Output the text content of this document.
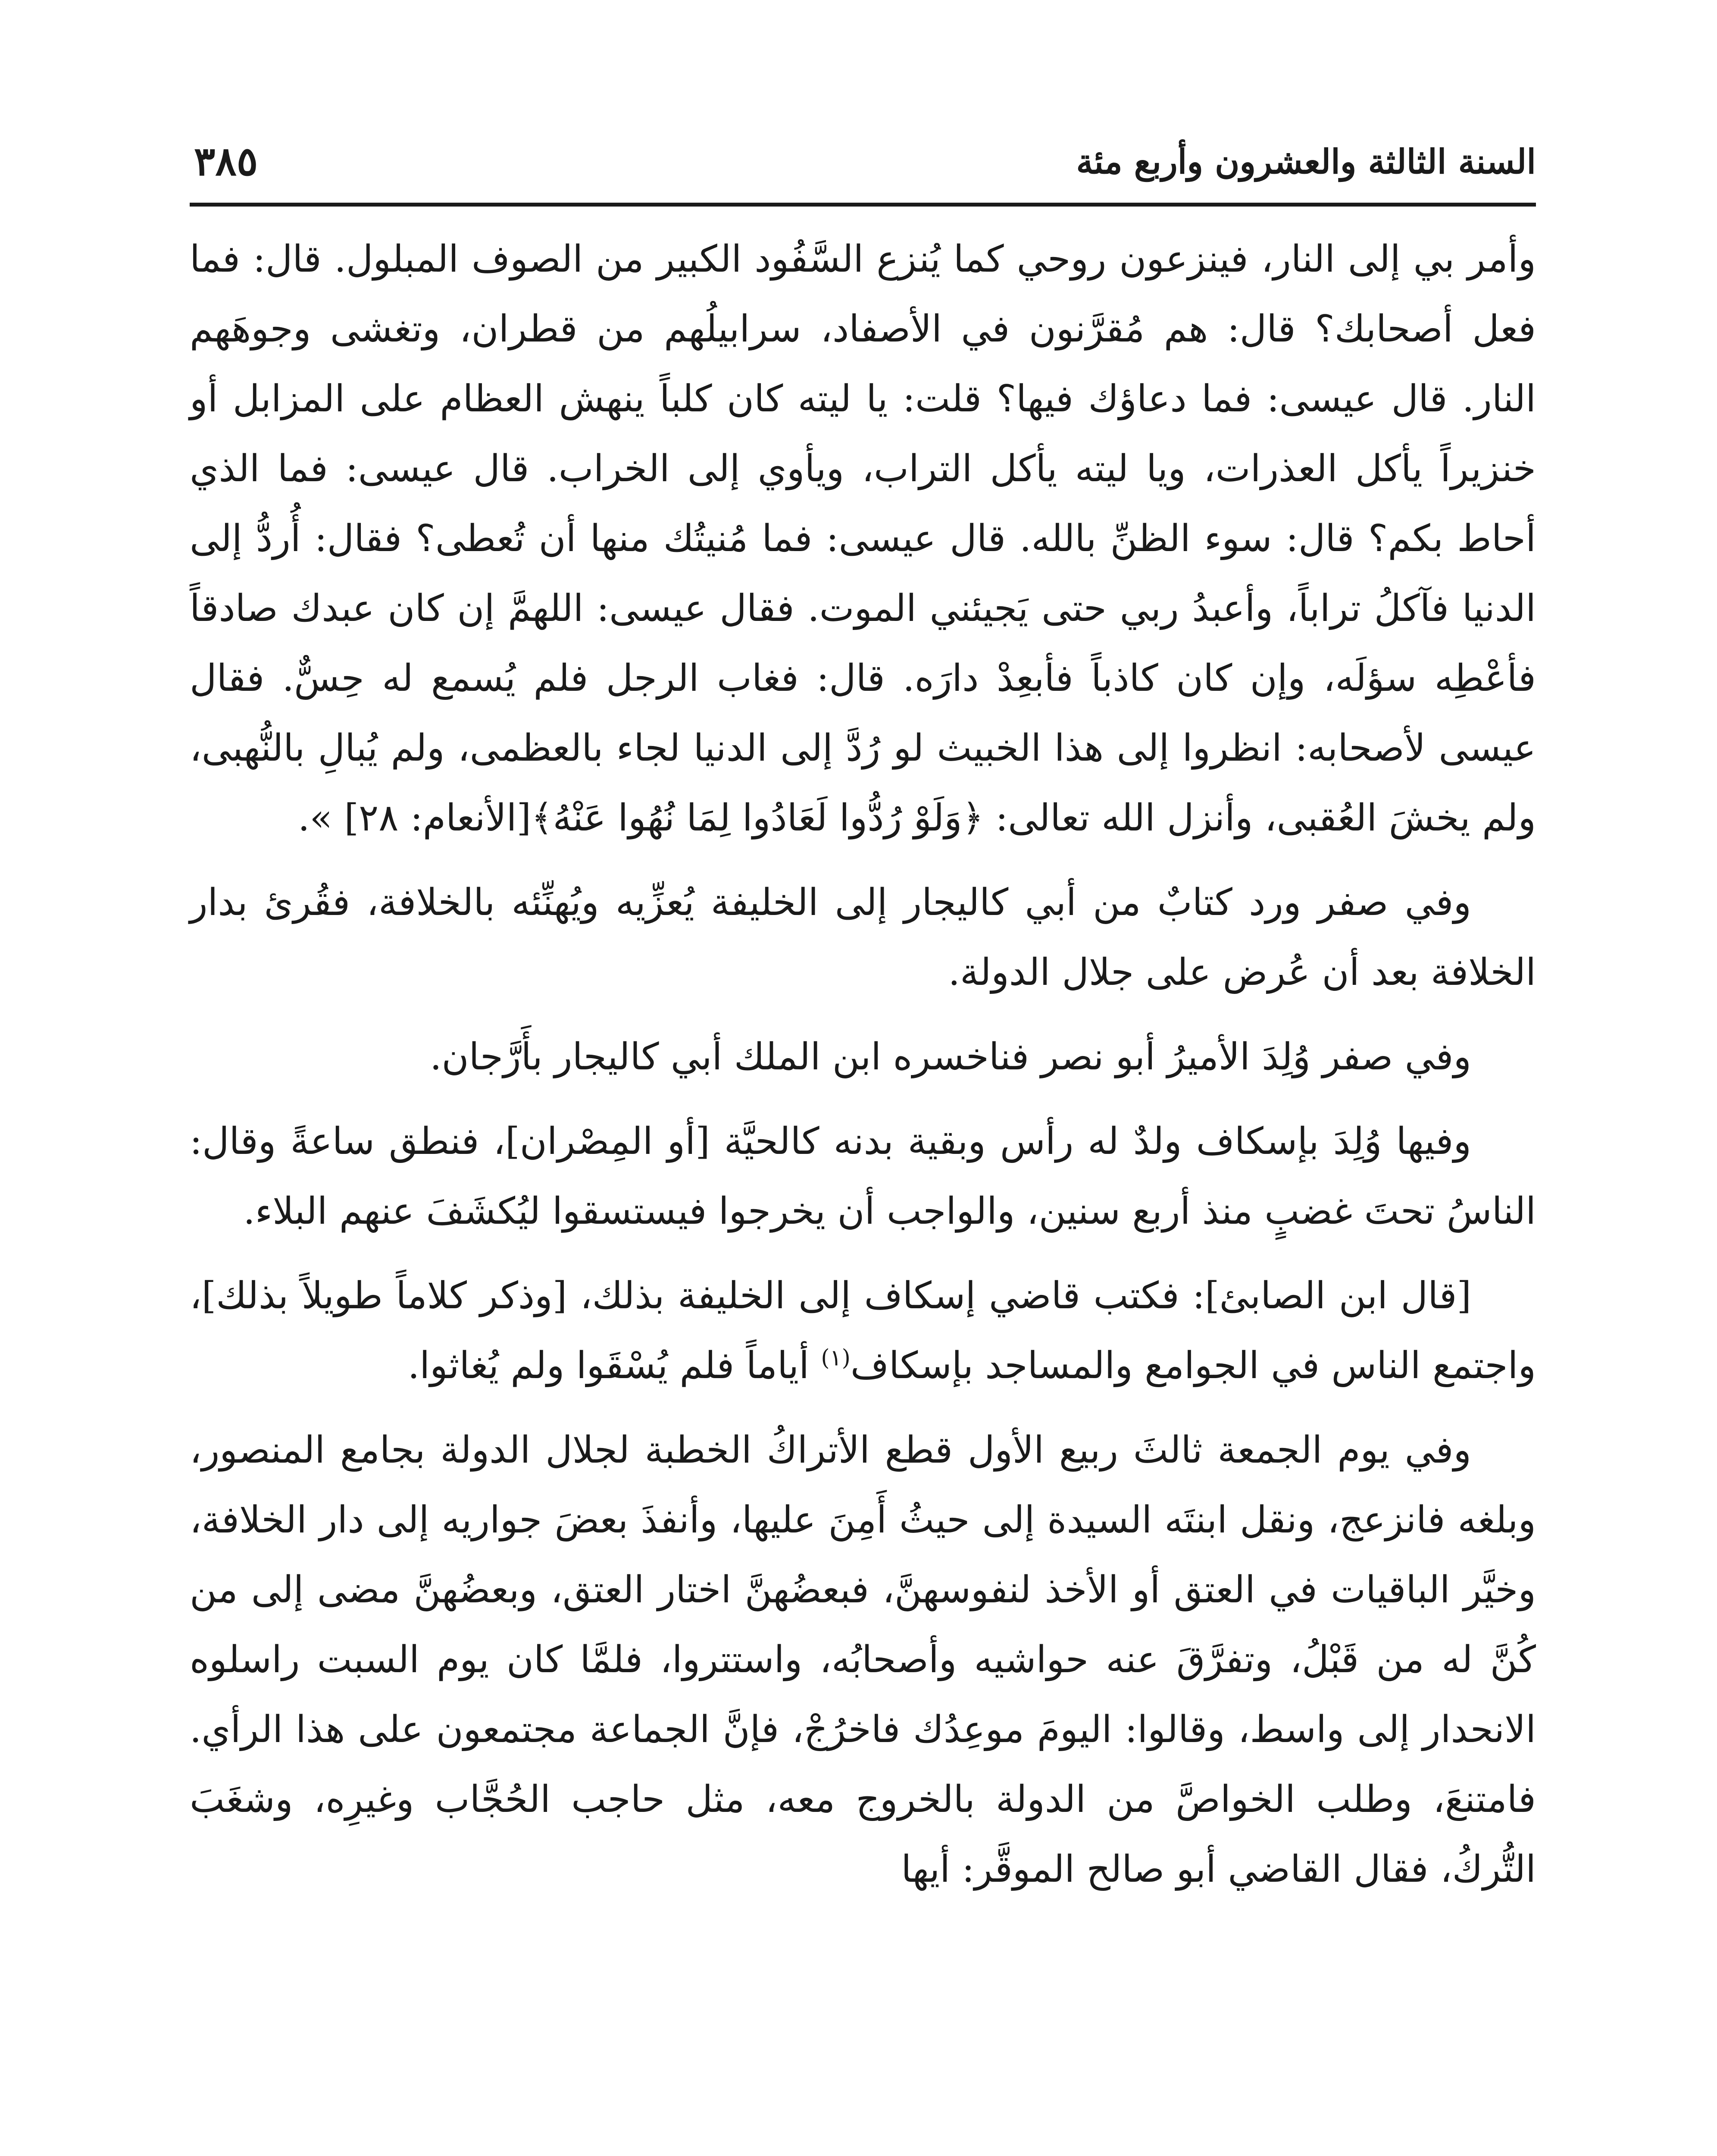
السنة الثالثة والعشرون وأربع مئة
٣٨٥

وأمر بي إلى النار، فينزعون روحي كما يُنزع السَّفُود الكبير من الصوف المبلول. قال: فما فعل أصحابك؟ قال: هم مُقرَّنون في الأصفاد، سرابيلُهم من قطران، وتغشى وجوهَهم النار. قال عيسى: فما دعاؤك فيها؟ قلت: يا ليته كان كلباً ينهش العظام على المزابل أو خنزيراً يأكل العذرات، ويا ليته يأكل التراب، ويأوي إلى الخراب. قال عيسى: فما الذي أحاط بكم؟ قال: سوء الظنِّ بالله. قال عيسى: فما مُنيتُك منها أن تُعطى؟ فقال: أُردُّ إلى الدنيا فآكلُ تراباً، وأعبدُ ربي حتى يَجيئني الموت. فقال عيسى: اللهمَّ إن كان عبدك صادقاً فأعْطِه سؤلَه، وإن كان كاذباً فأبعِدْ دارَه. قال: فغاب الرجل فلم يُسمع له حِسٌّ. فقال عيسى لأصحابه: انظروا إلى هذا الخبيث لو رُدَّ إلى الدنيا لجاء بالعظمى، ولم يُبالِ بالنُّهبى، ولم يخشَ العُقبى، وأنزل الله تعالى: ﴿وَلَوْ رُدُّوا لَعَادُوا لِمَا نُهُوا عَنْهُ﴾[الأنعام: ٢٨] ».

وفي صفر ورد كتابٌ من أبي كاليجار إلى الخليفة يُعزِّيه ويُهنِّئه بالخلافة، فقُرئ بدار الخلافة بعد أن عُرض على جلال الدولة.

وفي صفر وُلِدَ الأميرُ أبو نصر فناخسره ابن الملك أبي كاليجار بأَرَّجان.

وفيها وُلِدَ بإسكاف ولدٌ له رأس وبقية بدنه كالحيَّة [أو المِصْران]، فنطق ساعةً وقال: الناسُ تحتَ غضبٍ منذ أربع سنين، والواجب أن يخرجوا فيستسقوا ليُكشَفَ عنهم البلاء.

[قال ابن الصابئ]: فكتب قاضي إسكاف إلى الخليفة بذلك، [وذكر كلاماً طويلاً بذلك]، واجتمع الناس في الجوامع والمساجد بإسكاف$^{(١)}$ أياماً فلم يُسْقَوا ولم يُغاثوا.

وفي يوم الجمعة ثالثَ ربيع الأول قطع الأتراكُ الخطبة لجلال الدولة بجامع المنصور، وبلغه فانزعج، ونقل ابنتَه السيدة إلى حيثُ أَمِنَ عليها، وأنفذَ بعضَ جواريه إلى دار الخلافة، وخيَّر الباقيات في العتق أو الأخذ لنفوسهنَّ، فبعضُهنَّ اختار العتق، وبعضُهنَّ مضى إلى من كُنَّ له من قَبْلُ، وتفرَّقَ عنه حواشيه وأصحابُه، واستتروا، فلمَّا كان يوم السبت راسلوه الانحدار إلى واسط، وقالوا: اليومَ موعِدُك فاخرُجْ، فإنَّ الجماعة مجتمعون على هذا الرأي. فامتنعَ، وطلب الخواصَّ من الدولة بالخروج معه، مثل حاجب الحُجَّاب وغيرِه، وشغَبَ التُّركُ، فقال القاضي أبو صالح الموقَّر: أيها
